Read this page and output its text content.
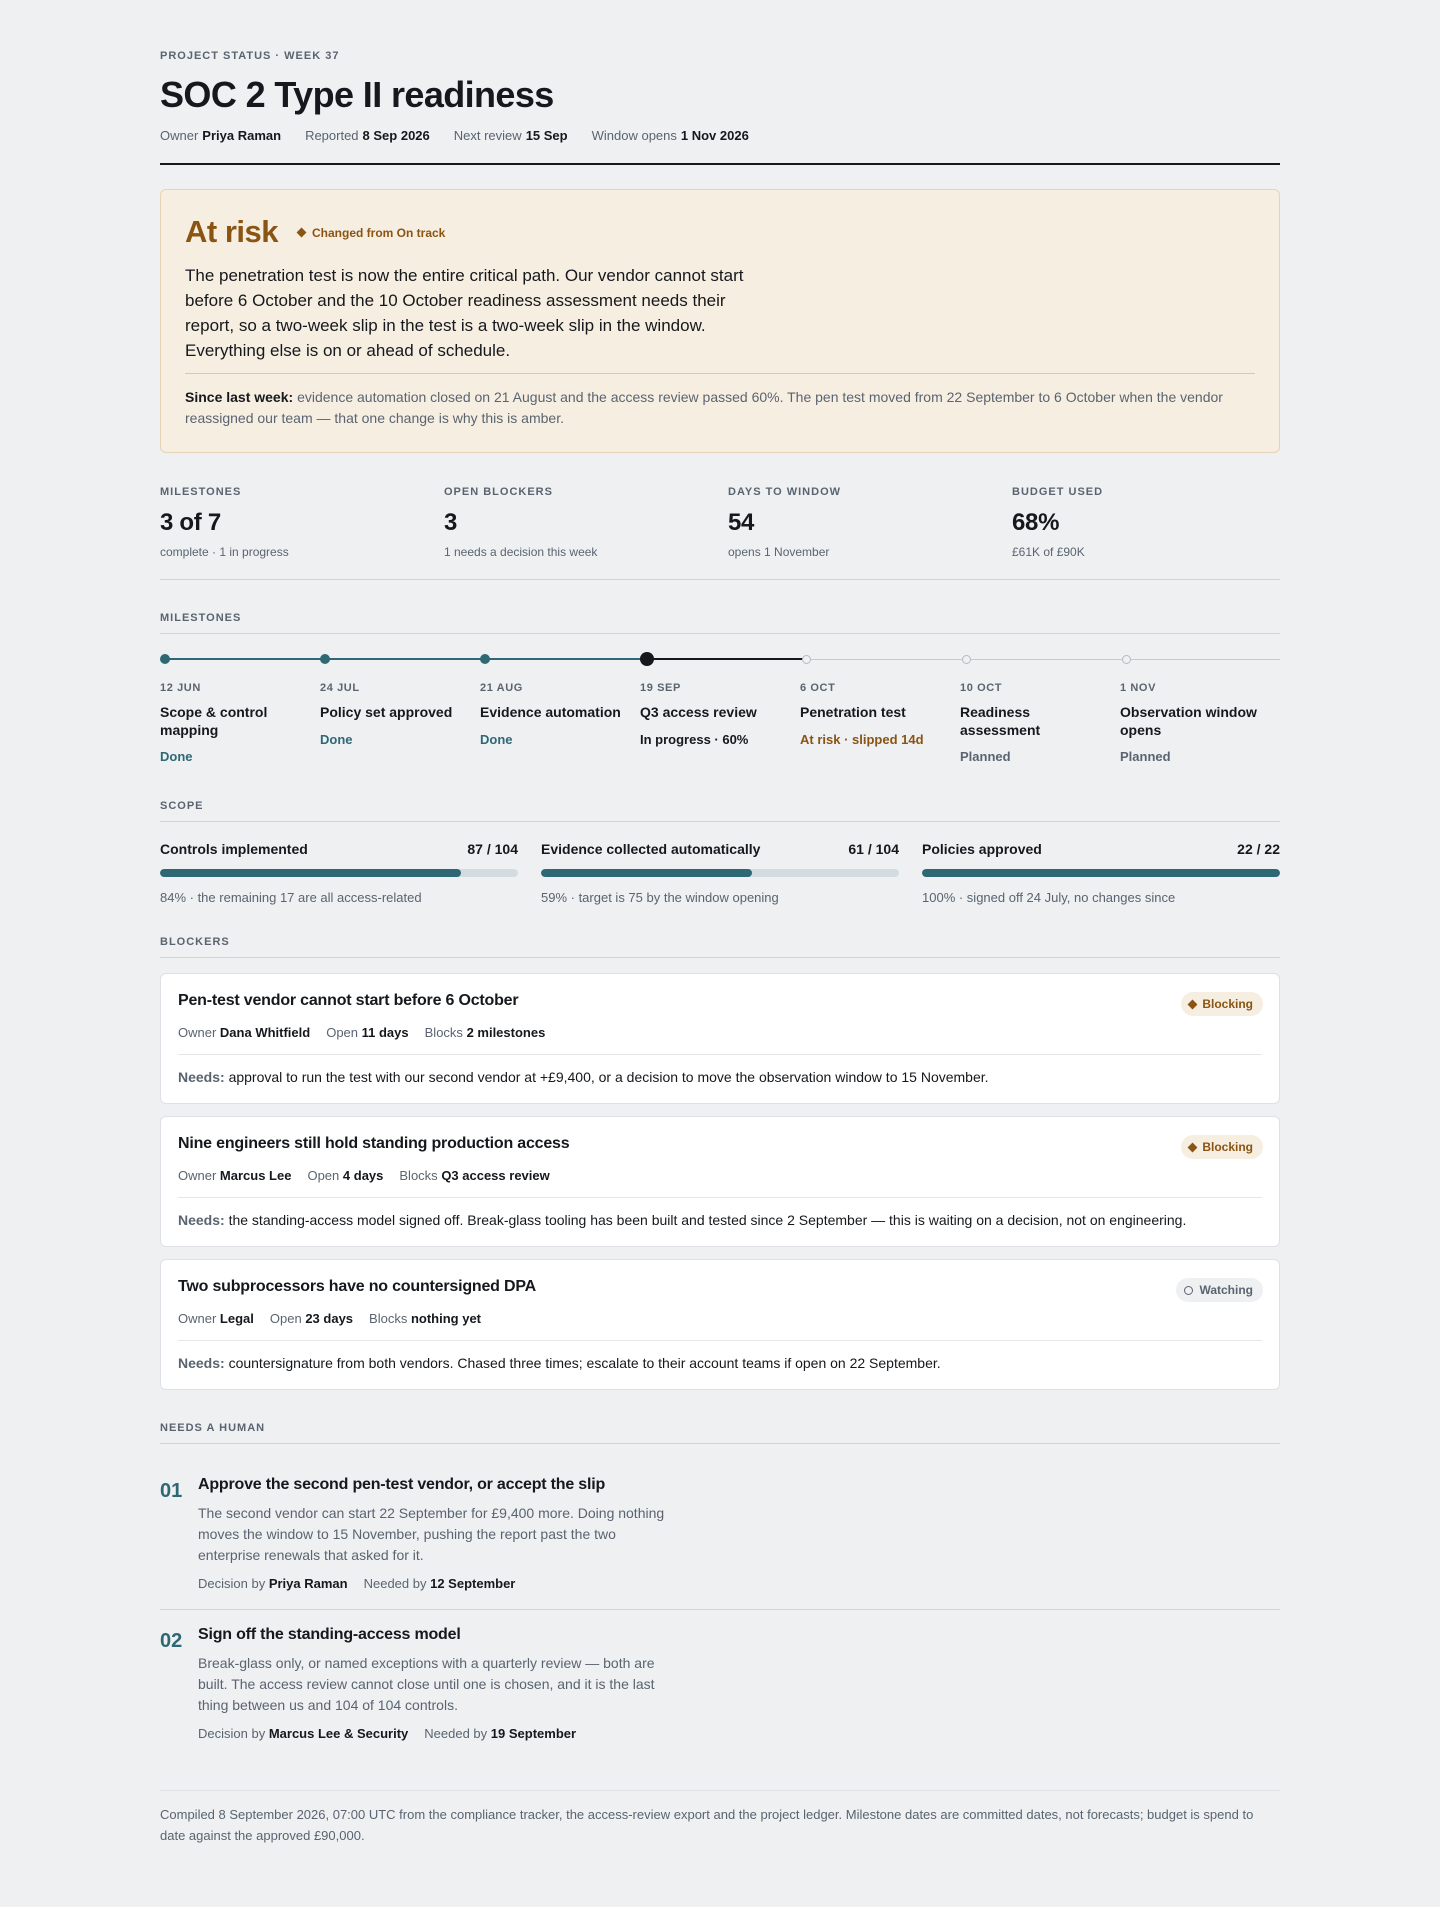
PROJECT STATUS · WEEK 37
SOC 2 Type II readiness
Owner Priya Raman Reported 8 Sep 2026 Next review 15 Sep Window opens 1 Nov 2026
At risk	Changed from On track

The penetration test is now the entire critical path. Our vendor cannot start before 6 October and the 10 October readiness assessment needs their report, so a two-week slip in the test is a two-week slip in the window. Everything else is on or ahead of schedule.

Since last week: evidence automation closed on 21 August and the access review passed 60%. The pen test moved from 22 September to 6 October when the vendor reassigned our team — that one change is why this is amber.

MILESTONES
3 of 7
complete · 1 in progress
OPEN BLOCKERS
3
1 needs a decision this week
DAYS TO WINDOW
54
opens 1 November
BUDGET USED
68%
£61K of £90K
MILESTONES
12 JUN
Scope & control mapping
Done
24 JUL
Policy set approved
Done
21 AUG
Evidence automation
Done
19 SEP
Q3 access review
In progress · 60%
6 OCT
Penetration test
At risk · slipped 14d
10 OCT
Readiness assessment
Planned
1 NOV
Observation window opens
Planned
SCOPE
Controls implemented	87 / 104
84% · the remaining 17 are all access-related
Evidence collected automatically	61 / 104
59% · target is 75 by the window opening
Policies approved	22 / 22
100% · signed off 24 July, no changes since
BLOCKERS
Pen-test vendor cannot start before 6 October	Blocking
Owner Dana Whitfield Open 11 days Blocks 2 milestones
Needs: approval to run the test with our second vendor at +£9,400, or a decision to move the observation window to 15 November.
Nine engineers still hold standing production access	Blocking
Owner Marcus Lee Open 4 days Blocks Q3 access review
Needs: the standing-access model signed off. Break-glass tooling has been built and tested since 2 September — this is waiting on a decision, not on engineering.
Two subprocessors have no countersigned DPA	Watching
Owner Legal Open 23 days Blocks nothing yet
Needs: countersignature from both vendors. Chased three times; escalate to their account teams if open on 22 September.
NEEDS A HUMAN
01 Approve the second pen-test vendor, or accept the slip

The second vendor can start 22 September for £9,400 more. Doing nothing moves the window to 15 November, pushing the report past the two enterprise renewals that asked for it.

Decision by Priya Raman Needed by 12 September
02 Sign off the standing-access model

Break-glass only, or named exceptions with a quarterly review — both are built. The access review cannot close until one is chosen, and it is the last thing between us and 104 of 104 controls.

Decision by Marcus Lee & Security Needed by 19 September

Compiled 8 September 2026, 07:00 UTC from the compliance tracker, the access-review export and the project ledger. Milestone dates are committed dates, not forecasts; budget is spend to date against the approved £90,000.
